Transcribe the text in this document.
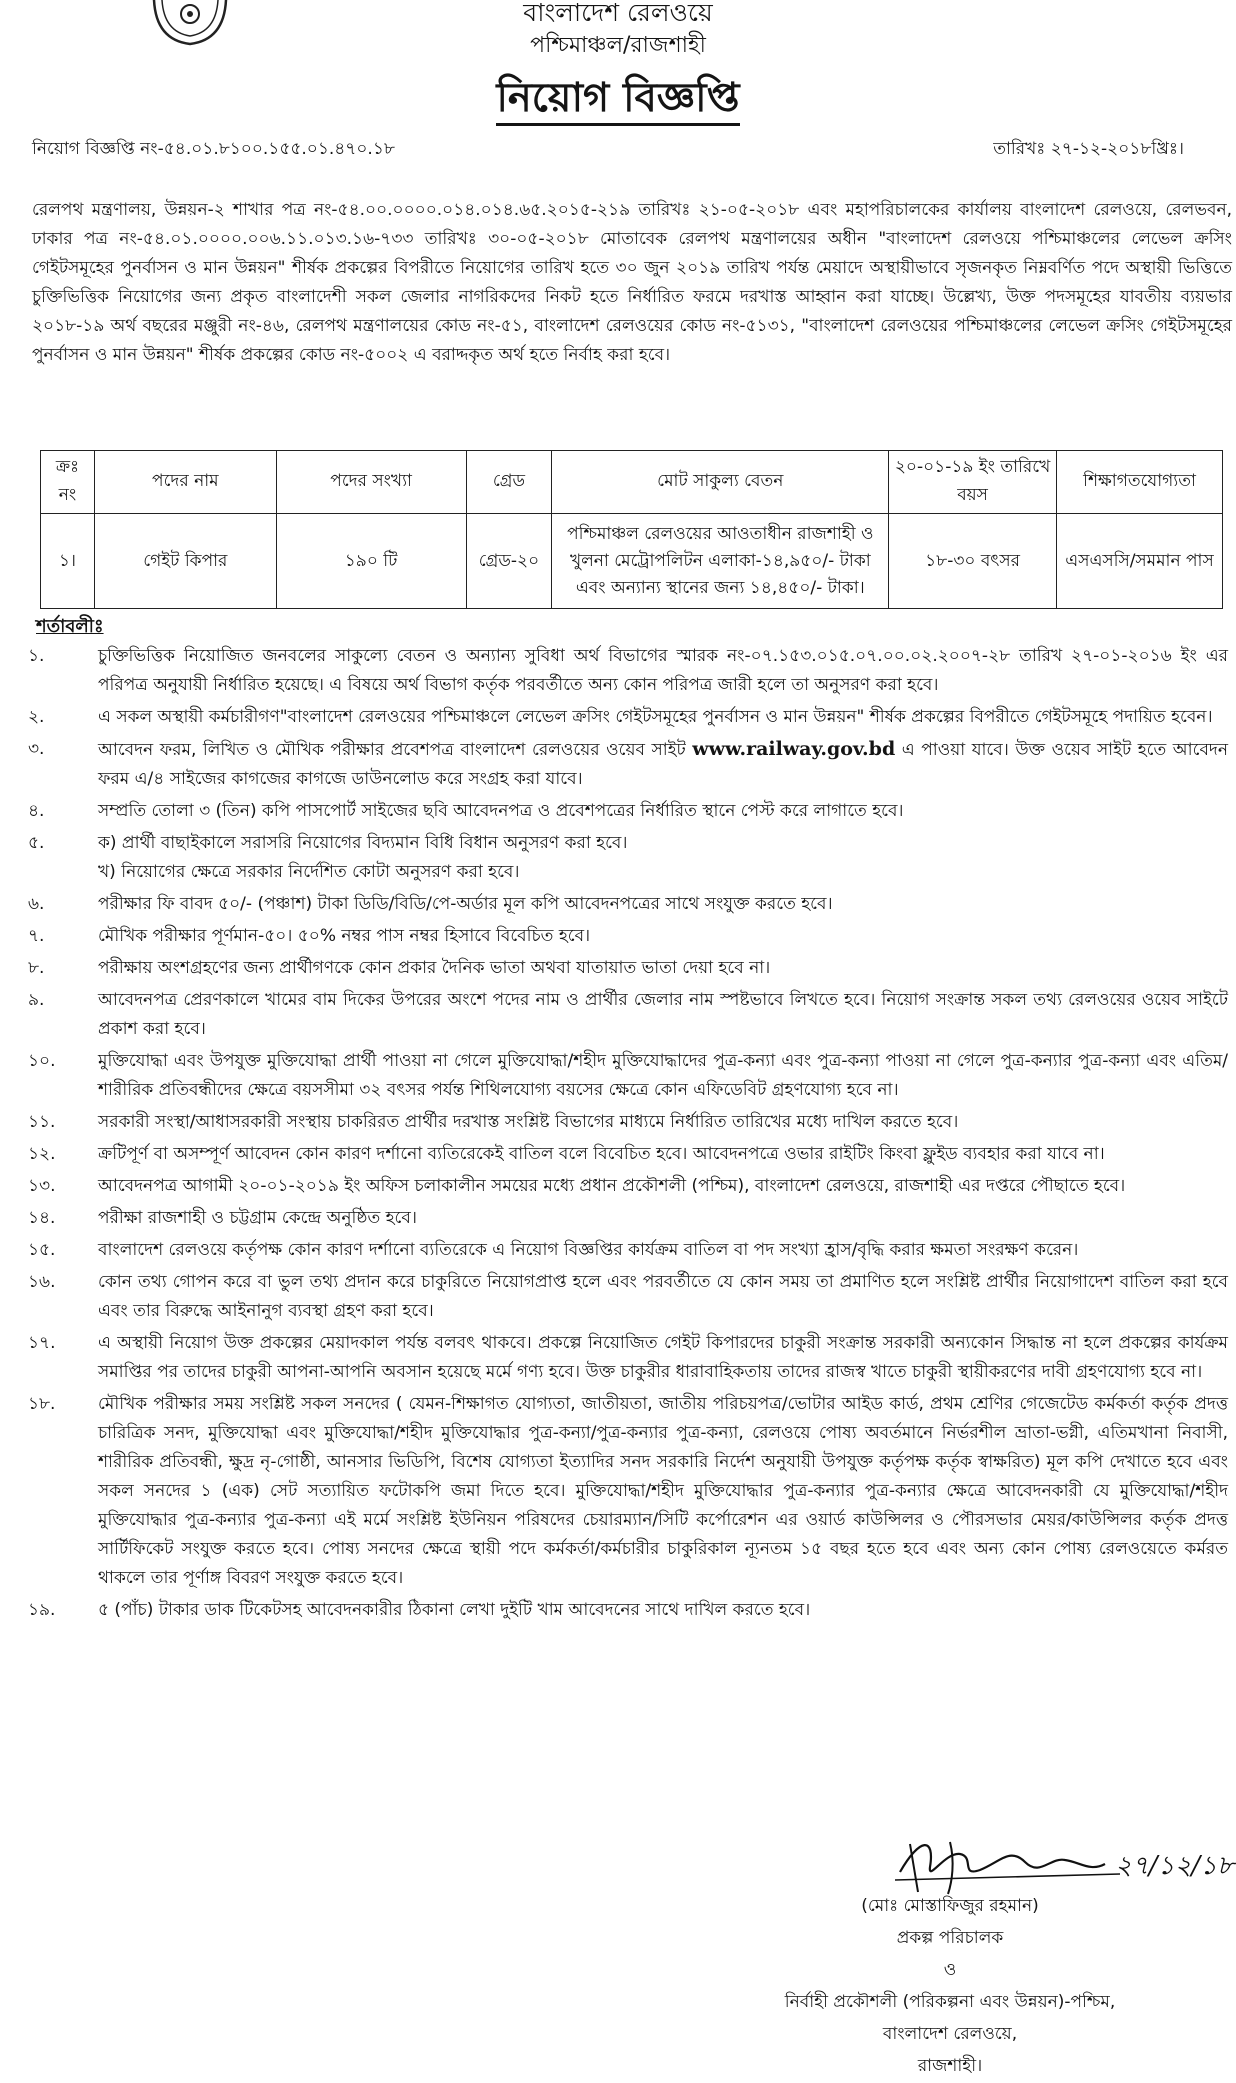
বাংলাদেশ রেলওয়ে
পশ্চিমাঞ্চল/রাজশাহী
নিয়োগ বিজ্ঞপ্তি
নিয়োগ বিজ্ঞপ্তি নং-৫৪.০১.৮১০০.১৫৫.০১.৪৭০.১৮	তারিখঃ ২৭-১২-২০১৮খ্রিঃ।
রেলপথ মন্ত্রণালয়, উন্নয়ন-২ শাখার পত্র নং-৫৪.০০.০০০০.০১৪.০১৪.৬৫.২০১৫-২১৯ তারিখঃ ২১-০৫-২০১৮ এবং মহাপরিচালকের কার্যালয় বাংলাদেশ রেলওয়ে, রেলভবন, ঢাকার পত্র নং-৫৪.০১.০০০০.০০৬.১১.০১৩.১৬-৭৩৩ তারিখঃ ৩০-০৫-২০১৮ মোতাবেক রেলপথ মন্ত্রণালয়ের অধীন "বাংলাদেশ রেলওয়ে পশ্চিমাঞ্চলের লেভেল ক্রসিং গেইটসমূহের পুনর্বাসন ও মান উন্নয়ন" শীর্ষক প্রকল্পের বিপরীতে নিয়োগের তারিখ হতে ৩০ জুন ২০১৯ তারিখ পর্যন্ত মেয়াদে অস্থায়ীভাবে সৃজনকৃত নিম্নবর্ণিত পদে অস্থায়ী ভিত্তিতে চুক্তিভিত্তিক নিয়োগের জন্য প্রকৃত বাংলাদেশী সকল জেলার নাগরিকদের নিকট হতে নির্ধারিত ফরমে দরখাস্ত আহ্বান করা যাচ্ছে। উল্লেখ্য, উক্ত পদসমূহের যাবতীয় ব্যয়ভার ২০১৮-১৯ অর্থ বছরের মঞ্জুরী নং-৪৬, রেলপথ মন্ত্রণালয়ের কোড নং-৫১, বাংলাদেশ রেলওয়ের কোড নং-৫১৩১, "বাংলাদেশ রেলওয়ের পশ্চিমাঞ্চলের লেভেল ক্রসিং গেইটসমূহের পুনর্বাসন ও মান উন্নয়ন" শীর্ষক প্রকল্পের কোড নং-৫০০২ এ বরাদ্দকৃত অর্থ হতে নির্বাহ করা হবে।
ক্রঃ নং	পদের নাম	পদের সংখ্যা	গ্রেড	মোট সাকুল্য বেতন	২০-০১-১৯ ইং তারিখে বয়স	শিক্ষাগতযোগ্যতা
১।	গেইট কিপার	১৯০ টি	গ্রেড-২০	পশ্চিমাঞ্চল রেলওয়ের আওতাধীন রাজশাহী ও খুলনা মেট্রোপলিটন এলাকা-১৪,৯৫০/- টাকা এবং অন্যান্য স্থানের জন্য ১৪,৪৫০/- টাকা।	১৮-৩০ বৎসর	এসএসসি/সমমান পাস
শর্তাবলীঃ
১.	চুক্তিভিত্তিক নিয়োজিত জনবলের সাকুল্যে বেতন ও অন্যান্য সুবিধা অর্থ বিভাগের স্মারক নং-০৭.১৫৩.০১৫.০৭.০০.০২.২০০৭-২৮ তারিখ ২৭-০১-২০১৬ ইং এর পরিপত্র অনুযায়ী নির্ধারিত হয়েছে। এ বিষয়ে অর্থ বিভাগ কর্তৃক পরবর্তীতে অন্য কোন পরিপত্র জারী হলে তা অনুসরণ করা হবে।
২.	এ সকল অস্থায়ী কর্মচারীগণ"বাংলাদেশ রেলওয়ের পশ্চিমাঞ্চলে লেভেল ক্রসিং গেইটসমূহের পুনর্বাসন ও মান উন্নয়ন" শীর্ষক প্রকল্পের বিপরীতে গেইটসমূহে পদায়িত হবেন।
৩.	আবেদন ফরম, লিখিত ও মৌখিক পরীক্ষার প্রবেশপত্র বাংলাদেশ রেলওয়ের ওয়েব সাইট www.railway.gov.bd এ পাওয়া যাবে। উক্ত ওয়েব সাইট হতে আবেদন ফরম এ/৪ সাইজের কাগজের কাগজে ডাউনলোড করে সংগ্রহ করা যাবে।
৪.	সম্প্রতি তোলা ৩ (তিন) কপি পাসপোর্ট সাইজের ছবি আবেদনপত্র ও প্রবেশপত্রের নির্ধারিত স্থানে পেস্ট করে লাগাতে হবে।
৫.	ক) প্রার্থী বাছাইকালে সরাসরি নিয়োগের বিদ্যমান বিধি বিধান অনুসরণ করা হবে।
খ) নিয়োগের ক্ষেত্রে সরকার নির্দেশিত কোটা অনুসরণ করা হবে।
৬.	পরীক্ষার ফি বাবদ ৫০/- (পঞ্চাশ) টাকা ডিডি/বিডি/পে-অর্ডার মূল কপি আবেদনপত্রের সাথে সংযুক্ত করতে হবে।
৭.	মৌখিক পরীক্ষার পূর্ণমান-৫০। ৫০% নম্বর পাস নম্বর হিসাবে বিবেচিত হবে।
৮.	পরীক্ষায় অংশগ্রহণের জন্য প্রার্থীগণকে কোন প্রকার দৈনিক ভাতা অথবা যাতায়াত ভাতা দেয়া হবে না।
৯.	আবেদনপত্র প্রেরণকালে খামের বাম দিকের উপরের অংশে পদের নাম ও প্রার্থীর জেলার নাম স্পষ্টভাবে লিখতে হবে। নিয়োগ সংক্রান্ত সকল তথ্য রেলওয়ের ওয়েব সাইটে প্রকাশ করা হবে।
১০.	মুক্তিযোদ্ধা এবং উপযুক্ত মুক্তিযোদ্ধা প্রার্থী পাওয়া না গেলে মুক্তিযোদ্ধা/শহীদ মুক্তিযোদ্ধাদের পুত্র-কন্যা এবং পুত্র-কন্যা পাওয়া না গেলে পুত্র-কন্যার পুত্র-কন্যা এবং এতিম/শারীরিক প্রতিবন্ধীদের ক্ষেত্রে বয়সসীমা ৩২ বৎসর পর্যন্ত শিথিলযোগ্য বয়সের ক্ষেত্রে কোন এফিডেবিট গ্রহণযোগ্য হবে না।
১১.	সরকারী সংস্থা/আধাসরকারী সংস্থায় চাকরিরত প্রার্থীর দরখাস্ত সংশ্লিষ্ট বিভাগের মাধ্যমে নির্ধারিত তারিখের মধ্যে দাখিল করতে হবে।
১২.	ক্রটিপূর্ণ বা অসম্পূর্ণ আবেদন কোন কারণ দর্শানো ব্যতিরেকেই বাতিল বলে বিবেচিত হবে। আবেদনপত্রে ওভার রাইটিং কিংবা ফ্লুইড ব্যবহার করা যাবে না।
১৩.	আবেদনপত্র আগামী ২০-০১-২০১৯ ইং অফিস চলাকালীন সময়ের মধ্যে প্রধান প্রকৌশলী (পশ্চিম), বাংলাদেশ রেলওয়ে, রাজশাহী এর দপ্তরে পৌছাতে হবে।
১৪.	পরীক্ষা রাজশাহী ও চট্টগ্রাম কেন্দ্রে অনুষ্ঠিত হবে।
১৫.	বাংলাদেশ রেলওয়ে কর্তৃপক্ষ কোন কারণ দর্শানো ব্যতিরেকে এ নিয়োগ বিজ্ঞপ্তির কার্যক্রম বাতিল বা পদ সংখ্যা হ্রাস/বৃদ্ধি করার ক্ষমতা সংরক্ষণ করেন।
১৬.	কোন তথ্য গোপন করে বা ভুল তথ্য প্রদান করে চাকুরিতে নিয়োগপ্রাপ্ত হলে এবং পরবর্তীতে যে কোন সময় তা প্রমাণিত হলে সংশ্লিষ্ট প্রার্থীর নিয়োগাদেশ বাতিল করা হবে এবং তার বিরুদ্ধে আইনানুগ ব্যবস্থা গ্রহণ করা হবে।
১৭.	এ অস্থায়ী নিয়োগ উক্ত প্রকল্পের মেয়াদকাল পর্যন্ত বলবৎ থাকবে। প্রকল্পে নিয়োজিত গেইট কিপারদের চাকুরী সংক্রান্ত সরকারী অন্যকোন সিদ্ধান্ত না হলে প্রকল্পের কার্যক্রম সমাপ্তির পর তাদের চাকুরী আপনা-আপনি অবসান হয়েছে মর্মে গণ্য হবে। উক্ত চাকুরীর ধারাবাহিকতায় তাদের রাজস্ব খাতে চাকুরী স্থায়ীকরণের দাবী গ্রহণযোগ্য হবে না।
১৮.	মৌখিক পরীক্ষার সময় সংশ্লিষ্ট সকল সনদের ( যেমন-শিক্ষাগত যোগ্যতা, জাতীয়তা, জাতীয় পরিচয়পত্র/ভোটার আইড কার্ড, প্রথম শ্রেণির গেজেটেড কর্মকর্তা কর্তৃক প্রদত্ত চারিত্রিক সনদ, মুক্তিযোদ্ধা এবং মুক্তিযোদ্ধা/শহীদ মুক্তিযোদ্ধার পুত্র-কন্যা/পুত্র-কন্যার পুত্র-কন্যা, রেলওয়ে পোষ্য অবর্তমানে নির্ভরশীল ভ্রাতা-ভগ্নী, এতিমখানা নিবাসী, শারীরিক প্রতিবন্ধী, ক্ষুদ্র নৃ-গোষ্ঠী, আনসার ভিডিপি, বিশেষ যোগ্যতা ইত্যাদির সনদ সরকারি নির্দেশ অনুযায়ী উপযুক্ত কর্তৃপক্ষ কর্তৃক স্বাক্ষরিত) মূল কপি দেখাতে হবে এবং সকল সনদের ১ (এক) সেট সত্যায়িত ফটোকপি জমা দিতে হবে। মুক্তিযোদ্ধা/শহীদ মুক্তিযোদ্ধার পুত্র-কন্যার পুত্র-কন্যার ক্ষেত্রে আবেদনকারী যে মুক্তিযোদ্ধা/শহীদ মুক্তিযোদ্ধার পুত্র-কন্যার পুত্র-কন্যা এই মর্মে সংশ্লিষ্ট ইউনিয়ন পরিষদের চেয়ারম্যান/সিটি কর্পোরেশন এর ওয়ার্ড কাউন্সিলর ও পৌরসভার মেয়র/কাউন্সিলর কর্তৃক প্রদত্ত সার্টিফিকেট সংযুক্ত করতে হবে। পোষ্য সনদের ক্ষেত্রে স্থায়ী পদে কর্মকর্তা/কর্মচারীর চাকুরিকাল ন্যূনতম ১৫ বছর হতে হবে এবং অন্য কোন পোষ্য রেলওয়েতে কর্মরত থাকলে তার পূর্ণাঙ্গ বিবরণ সংযুক্ত করতে হবে।
১৯.	৫ (পাঁচ) টাকার ডাক টিকেটসহ আবেদনকারীর ঠিকানা লেখা দুইটি খাম আবেদনের সাথে দাখিল করতে হবে।
২৭/১২/১৮
(মোঃ মোস্তাফিজুর রহমান)
প্রকল্প পরিচালক
ও
নির্বাহী প্রকৌশলী (পরিকল্পনা এবং উন্নয়ন)-পশ্চিম,
বাংলাদেশ রেলওয়ে,
রাজশাহী।
